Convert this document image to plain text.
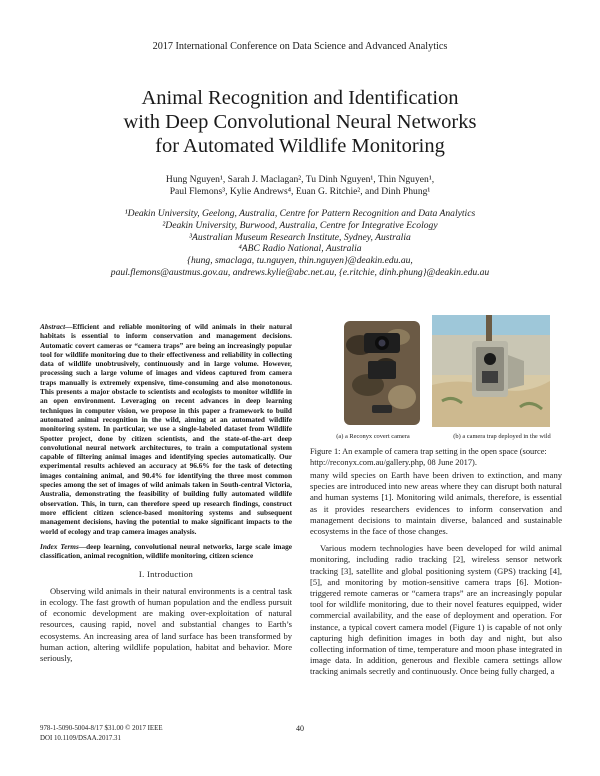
2017 International Conference on Data Science and Advanced Analytics
Animal Recognition and Identification
with Deep Convolutional Neural Networks
for Automated Wildlife Monitoring
Hung Nguyen¹, Sarah J. Maclagan², Tu Dinh Nguyen¹, Thin Nguyen¹,
Paul Flemons³, Kylie Andrews⁴, Euan G. Ritchie², and Dinh Phung¹
¹Deakin University, Geelong, Australia, Centre for Pattern Recognition and Data Analytics
²Deakin University, Burwood, Australia, Centre for Integrative Ecology
³Australian Museum Research Institute, Sydney, Australia
⁴ABC Radio National, Australia
{hung, smaclaga, tu.nguyen, thin.nguyen}@deakin.edu.au,
paul.flemons@austmus.gov.au, andrews.kylie@abc.net.au, {e.ritchie, dinh.phung}@deakin.edu.au

Abstract—Efficient and reliable monitoring of wild animals in their natural habitats is essential to inform conservation and management decisions. Automatic covert cameras or “camera traps” are being an increasingly popular tool for wildlife monitoring due to their effectiveness and reliability in collecting data of wildlife unobtrusively, continuously and in large volume. However, processing such a large volume of images and videos captured from camera traps manually is extremely expensive, time-consuming and also monotonous. This presents a major obstacle to scientists and ecologists to monitor wildlife in an open environment. Leveraging on recent advances in deep learning techniques in computer vision, we propose in this paper a framework to build automated animal recognition in the wild, aiming at an automated wildlife monitoring system. In particular, we use a single-labeled dataset from Wildlife Spotter project, done by citizen scientists, and the state-of-the-art deep convolutional neural network architectures, to train a computational system capable of filtering animal images and identifying species automatically. Our experimental results achieved an accuracy at 96.6% for the task of detecting images containing animal, and 90.4% for identifying the three most common species among the set of images of wild animals taken in South-central Victoria, Australia, demonstrating the feasibility of building fully automated wildlife observation. This, in turn, can therefore speed up research findings, construct more efficient citizen science-based monitoring systems and subsequent management decisions, having the potential to make significant impacts to the world of ecology and trap camera images analysis.

Index Terms—deep learning, convolutional neural networks, large scale image classification, animal recognition, wildlife monitoring, citizen science

I. Introduction

Observing wild animals in their natural environments is a central task in ecology. The fast growth of human population and the endless pursuit of economic development are making over-exploitation of natural resources, causing rapid, novel and substantial changes to Earth’s ecosystems. An increasing area of land surface has been transformed by human action, altering wildlife population, habitat and behavior. More seriously,

(a) a Reconyx covert camera	(b) a camera trap deployed in the wild
Figure 1: An example of camera trap setting in the open space (source: http://reconyx.com.au/gallery.php, 08 June 2017).

many wild species on Earth have been driven to extinction, and many species are introduced into new areas where they can disrupt both natural and human systems [1]. Monitoring wild animals, therefore, is essential as it provides researchers evidences to inform conservation and management decisions to maintain diverse, balanced and sustainable ecosystems in the face of those changes.

Various modern technologies have been developed for wild animal monitoring, including radio tracking [2], wireless sensor network tracking [3], satellite and global positioning system (GPS) tracking [4], [5], and monitoring by motion-sensitive camera traps [6]. Motion-triggered remote cameras or “camera traps” are an increasingly popular tool for wildlife monitoring, due to their novel features equipped, wider commercial availability, and the ease of deployment and operation. For instance, a typical covert camera model (Figure 1) is capable of not only capturing high definition images in both day and night, but also collecting information of time, temperature and moon phase integrated in image data. In addition, generous and flexible camera settings allow tracking animals secretly and continuously. Once being fully charged, a

978-1-5090-5004-8/17 $31.00 © 2017 IEEE
DOI 10.1109/DSAA.2017.31
40
